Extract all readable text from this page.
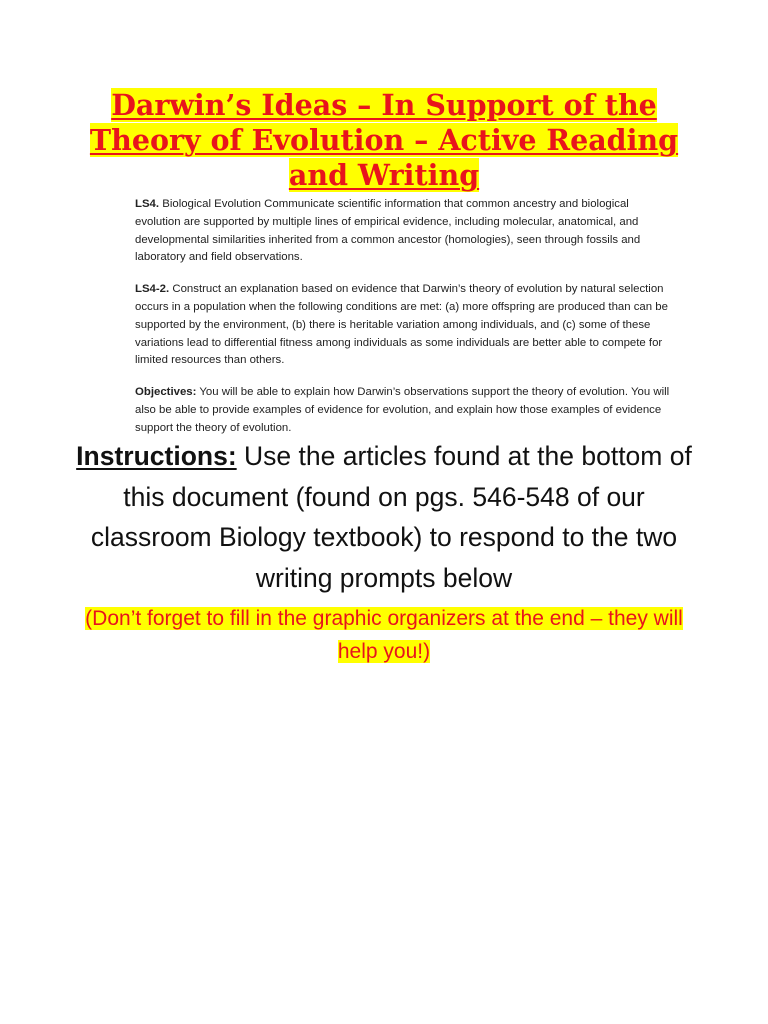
Darwin’s Ideas – In Support of the Theory of Evolution – Active Reading and Writing

LS4. Biological Evolution Communicate scientific information that common ancestry and biological evolution are supported by multiple lines of empirical evidence, including molecular, anatomical, and developmental similarities inherited from a common ancestor (homologies), seen through fossils and laboratory and field observations.

LS4-2. Construct an explanation based on evidence that Darwin’s theory of evolution by natural selection occurs in a population when the following conditions are met: (a) more offspring are produced than can be supported by the environment, (b) there is heritable variation among individuals, and (c) some of these variations lead to differential fitness among individuals as some individuals are better able to compete for limited resources than others.

Objectives: You will be able to explain how Darwin’s observations support the theory of evolution. You will also be able to provide examples of evidence for evolution, and explain how those examples of evidence support the theory of evolution.

Instructions: Use the articles found at the bottom of this document (found on pgs. 546-548 of our classroom Biology textbook) to respond to the two writing prompts below
(Don’t forget to fill in the graphic organizers at the end – they will help you!)
